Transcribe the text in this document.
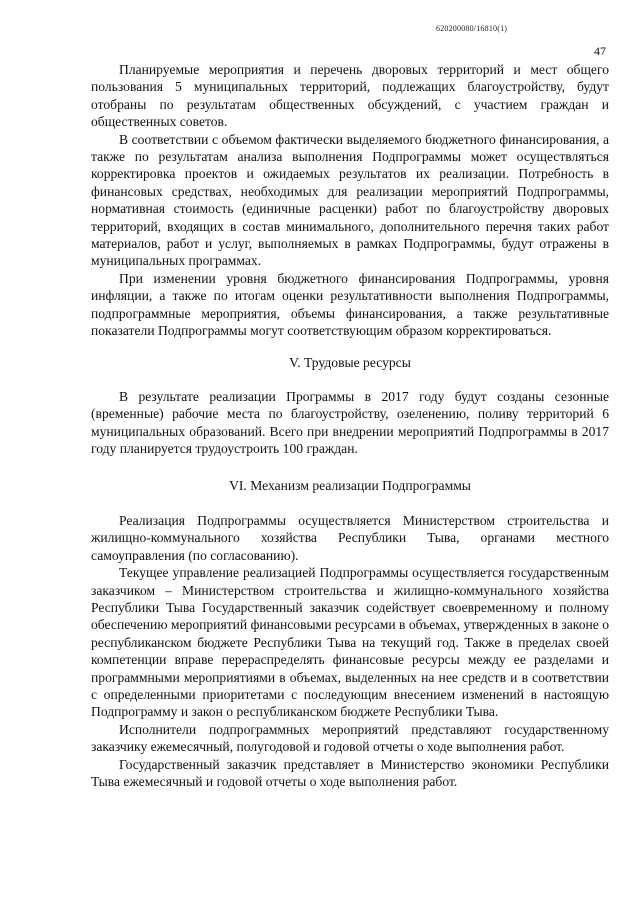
620200080/16810(1)
47

Планируемые мероприятия и перечень дворовых территорий и мест общего пользования 5 муниципальных территорий, подлежащих благоустройству, будут отобраны по результатам общественных обсуждений, с участием граждан и общественных советов.

В соответствии с объемом фактически выделяемого бюджетного финансирования, а также по результатам анализа выполнения Подпрограммы может осуществляться корректировка проектов и ожидаемых результатов их реализации. Потребность в финансовых средствах, необходимых для реализации мероприятий Подпрограммы, нормативная стоимость (единичные расценки) работ по благоустройству дворовых территорий, входящих в состав минимального, дополнительного перечня таких работ материалов, работ и услуг, выполняемых в рамках Подпрограммы, будут отражены в муниципальных программах.

При изменении уровня бюджетного финансирования Подпрограммы, уровня инфляции, а также по итогам оценки результативности выполнения Подпрограммы, подпрограммные мероприятия, объемы финансирования, а также результативные показатели Подпрограммы могут соответствующим образом корректироваться.

V. Трудовые ресурсы

В результате реализации Программы в 2017 году будут созданы сезонные (временные) рабочие места по благоустройству, озеленению, поливу территорий 6 муниципальных образований. Всего при внедрении мероприятий Подпрограммы в 2017 году планируется трудоустроить 100 граждан.

VI. Механизм реализации Подпрограммы

Реализация Подпрограммы осуществляется Министерством строительства и жилищно-коммунального хозяйства Республики Тыва, органами местного самоуправления (по согласованию).

Текущее управление реализацией Подпрограммы осуществляется государственным заказчиком – Министерством строительства и жилищно-коммунального хозяйства Республики Тыва Государственный заказчик содействует своевременному и полному обеспечению мероприятий финансовыми ресурсами в объемах, утвержденных в законе о республиканском бюджете Республики Тыва на текущий год. Также в пределах своей компетенции вправе перераспределять финансовые ресурсы между ее разделами и программными мероприятиями в объемах, выделенных на нее средств и в соответствии с определенными приоритетами с последующим внесением изменений в настоящую Подпрограмму и закон о республиканском бюджете Республики Тыва.

Исполнители подпрограммных мероприятий представляют государственному заказчику ежемесячный, полугодовой и годовой отчеты о ходе выполнения работ.

Государственный заказчик представляет в Министерство экономики Республики Тыва ежемесячный и годовой отчеты о ходе выполнения работ.
